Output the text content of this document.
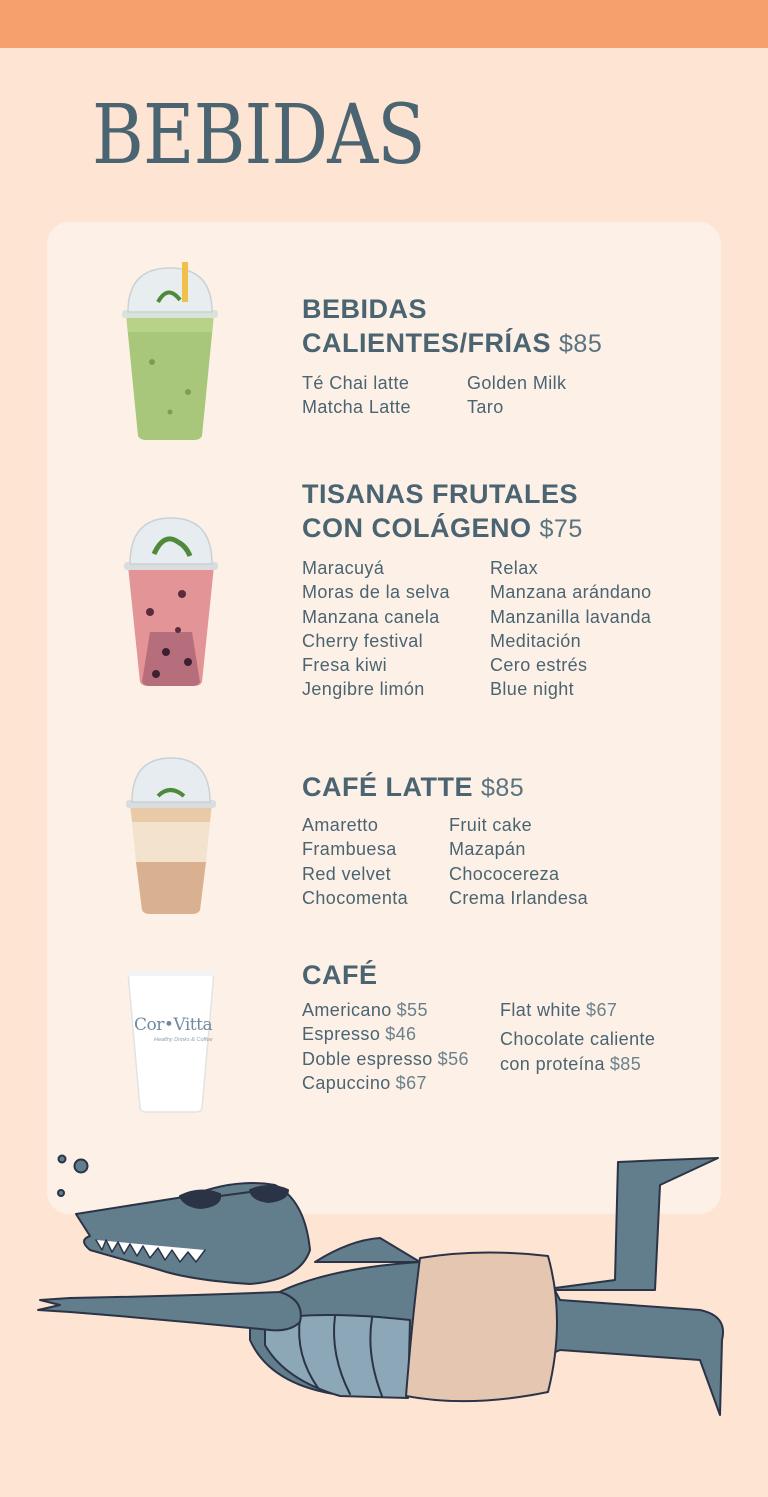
BEBIDAS
Cor•Vitta
Healthy Drinks & Coffee
BEBIDAS
CALIENTES/FRÍAS $85
Té Chai latte
Matcha Latte
Golden Milk
Taro
TISANAS FRUTALES
CON COLÁGENO $75
Maracuyá
Moras de la selva
Manzana canela
Cherry festival
Fresa kiwi
Jengibre limón
Relax
Manzana arándano
Manzanilla lavanda
Meditación
Cero estrés
Blue night
CAFÉ LATTE $85
Amaretto
Frambuesa
Red velvet
Chocomenta
Fruit cake
Mazapán
Chococereza
Crema Irlandesa
CAFÉ
Americano $55
Espresso $46
Doble espresso $56
Capuccino $67
Flat white $67
Chocolate caliente
con proteína $85
